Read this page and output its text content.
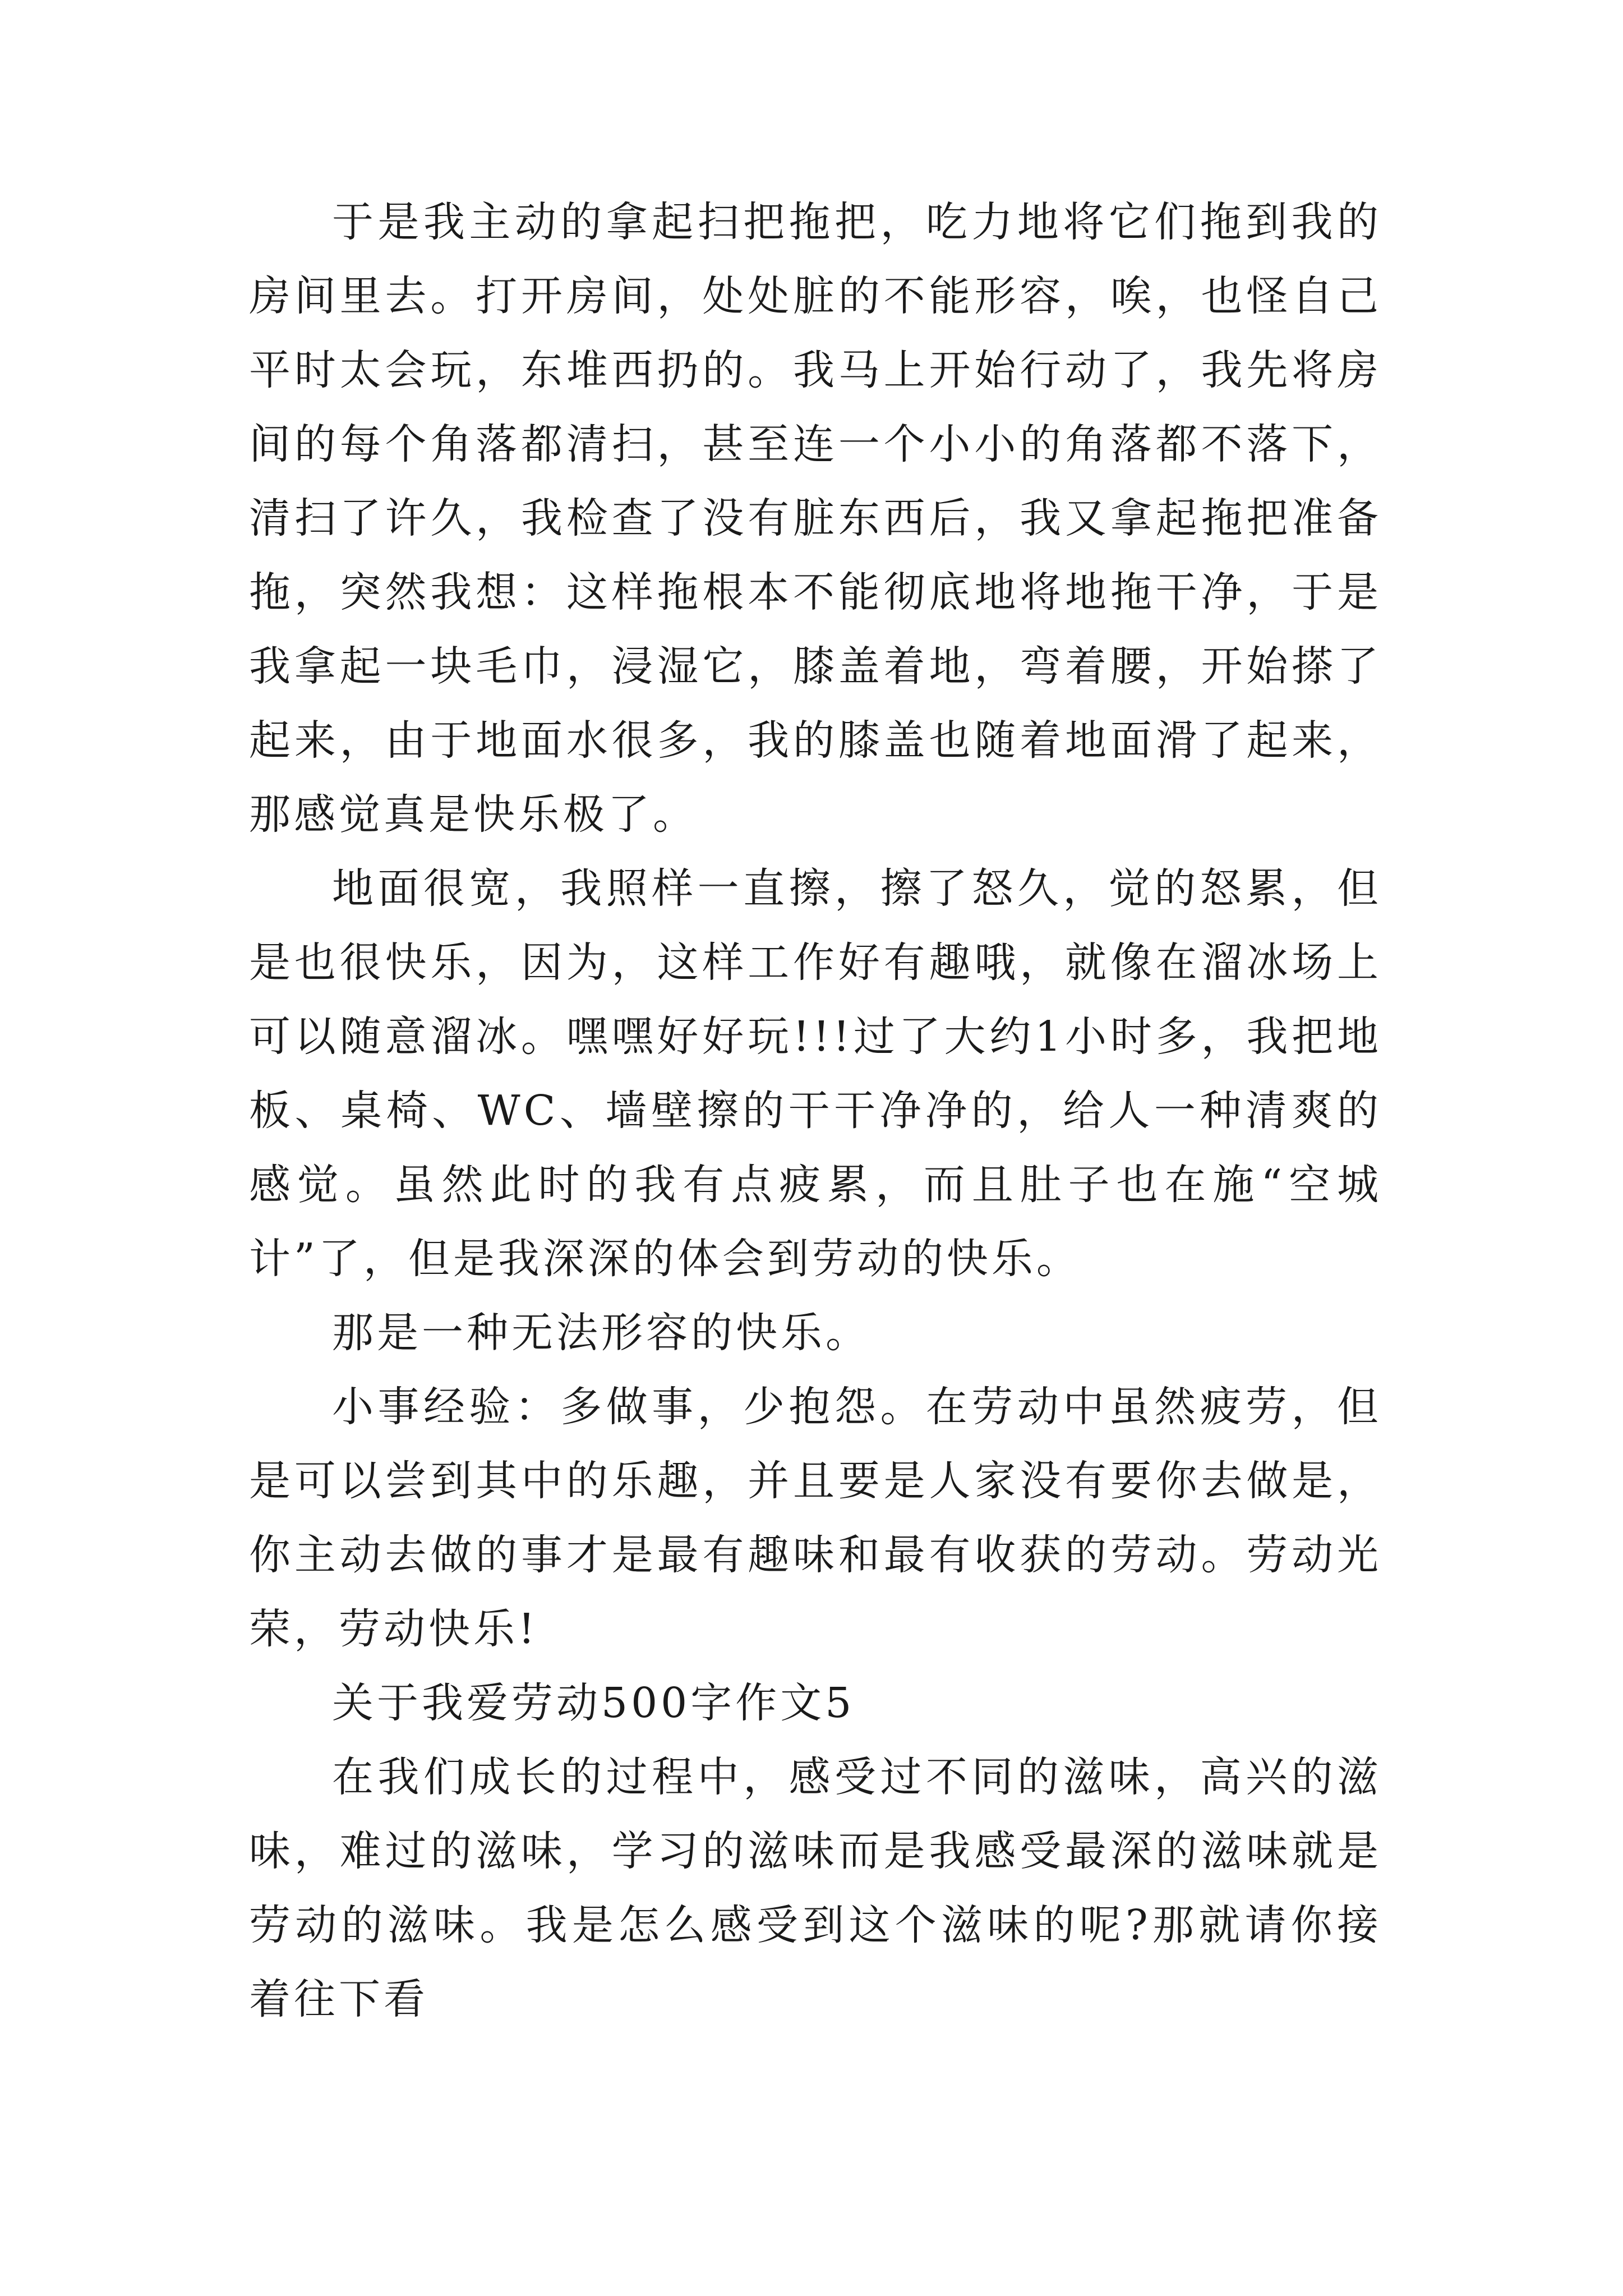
于是我主动的拿起扫把拖把，吃力地将它们拖到我的房间里去。打开房间，处处脏的不能形容，唉，也怪自己平时太会玩，东堆西扔的。我马上开始行动了，我先将房间的每个角落都清扫，甚至连一个小小的角落都不落下，清扫了许久，我检查了没有脏东西后，我又拿起拖把准备拖，突然我想：这样拖根本不能彻底地将地拖干净，于是我拿起一块毛巾，浸湿它，膝盖着地，弯着腰，开始搽了起来，由于地面水很多，我的膝盖也随着地面滑了起来，那感觉真是快乐极了。

地面很宽，我照样一直擦，擦了怒久，觉的怒累，但是也很快乐，因为，这样工作好有趣哦，就像在溜冰场上可以随意溜冰。嘿嘿好好玩!!!过了大约1小时多，我把地板、桌椅、WC、墙壁擦的干干净净的，给人一种清爽的感觉。虽然此时的我有点疲累，而且肚子也在施“空城计”了，但是我深深的体会到劳动的快乐。

那是一种无法形容的快乐。

小事经验：多做事，少抱怨。在劳动中虽然疲劳，但是可以尝到其中的乐趣，并且要是人家没有要你去做是，你主动去做的事才是最有趣味和最有收获的劳动。劳动光荣，劳动快乐!

关于我爱劳动500字作文5

在我们成长的过程中，感受过不同的滋味，高兴的滋味，难过的滋味，学习的滋味而是我感受最深的滋味就是劳动的滋味。我是怎么感受到这个滋味的呢?那就请你接着往下看
